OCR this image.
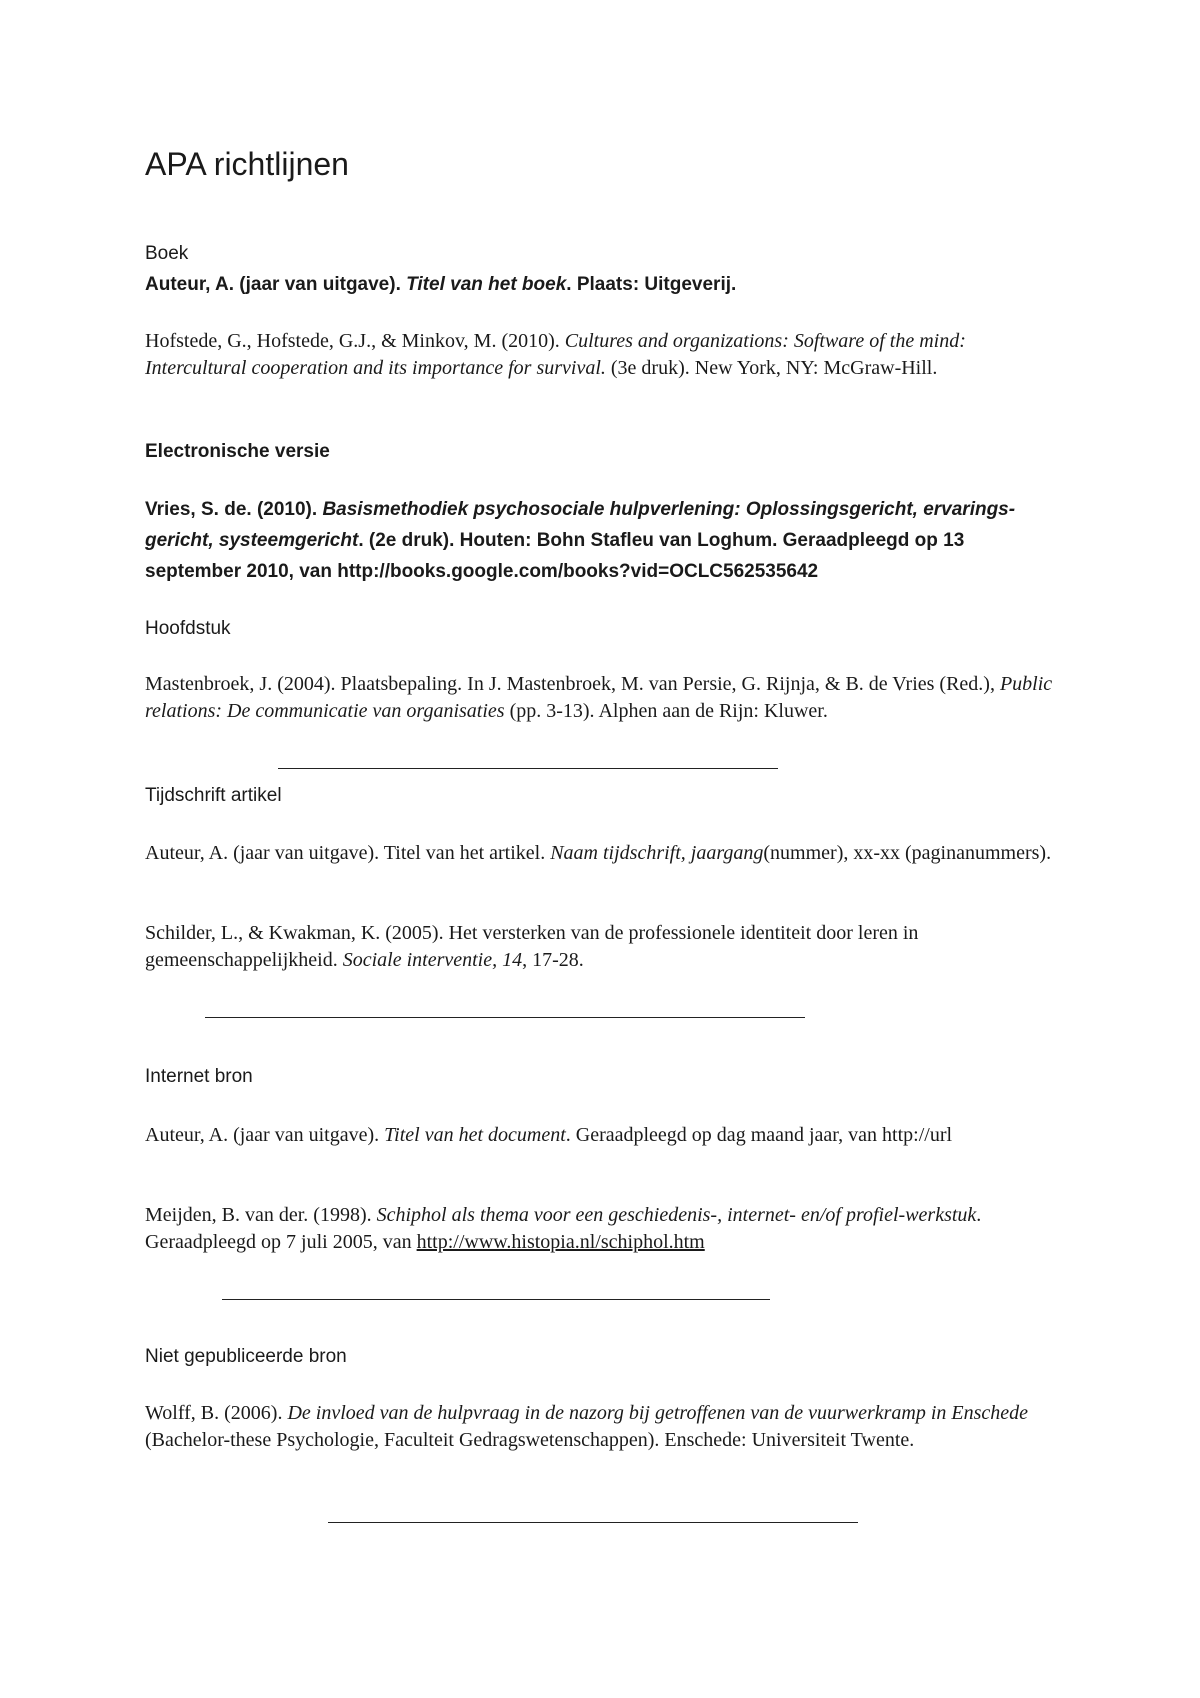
APA richtlijnen
Boek
Auteur, A. (jaar van uitgave). Titel van het boek. Plaats: Uitgeverij.
Hofstede, G., Hofstede, G.J., & Minkov, M. (2010). Cultures and organizations: Software of the mind: Intercultural cooperation and its importance for survival. (3e druk). New York, NY: McGraw-Hill.
Electronische versie
Vries, S. de. (2010). Basismethodiek psychosociale hulpverlening: Oplossingsgericht, ervarings-gericht, systeemgericht. (2e druk). Houten: Bohn Stafleu van Loghum. Geraadpleegd op 13 september 2010, van http://books.google.com/books?vid=OCLC562535642
Hoofdstuk
Mastenbroek, J. (2004). Plaatsbepaling. In J. Mastenbroek, M. van Persie, G. Rijnja, & B. de Vries (Red.), Public relations: De communicatie van organisaties (pp. 3-13). Alphen aan de Rijn: Kluwer.
Tijdschrift artikel
Auteur, A. (jaar van uitgave). Titel van het artikel. Naam tijdschrift, jaargang(nummer), xx-xx (paginanummers).
Schilder, L., & Kwakman, K. (2005). Het versterken van de professionele identiteit door leren in gemeenschappelijkheid. Sociale interventie, 14, 17-28.
Internet bron
Auteur, A. (jaar van uitgave). Titel van het document. Geraadpleegd op dag maand jaar, van http://url
Meijden, B. van der. (1998). Schiphol als thema voor een geschiedenis-, internet- en/of profiel-werkstuk. Geraadpleegd op 7 juli 2005, van http://www.histopia.nl/schiphol.htm
Niet gepubliceerde bron
Wolff, B. (2006). De invloed van de hulpvraag in de nazorg bij getroffenen van de vuurwerkramp in Enschede (Bachelor-these Psychologie, Faculteit Gedragswetenschappen). Enschede: Universiteit Twente.
